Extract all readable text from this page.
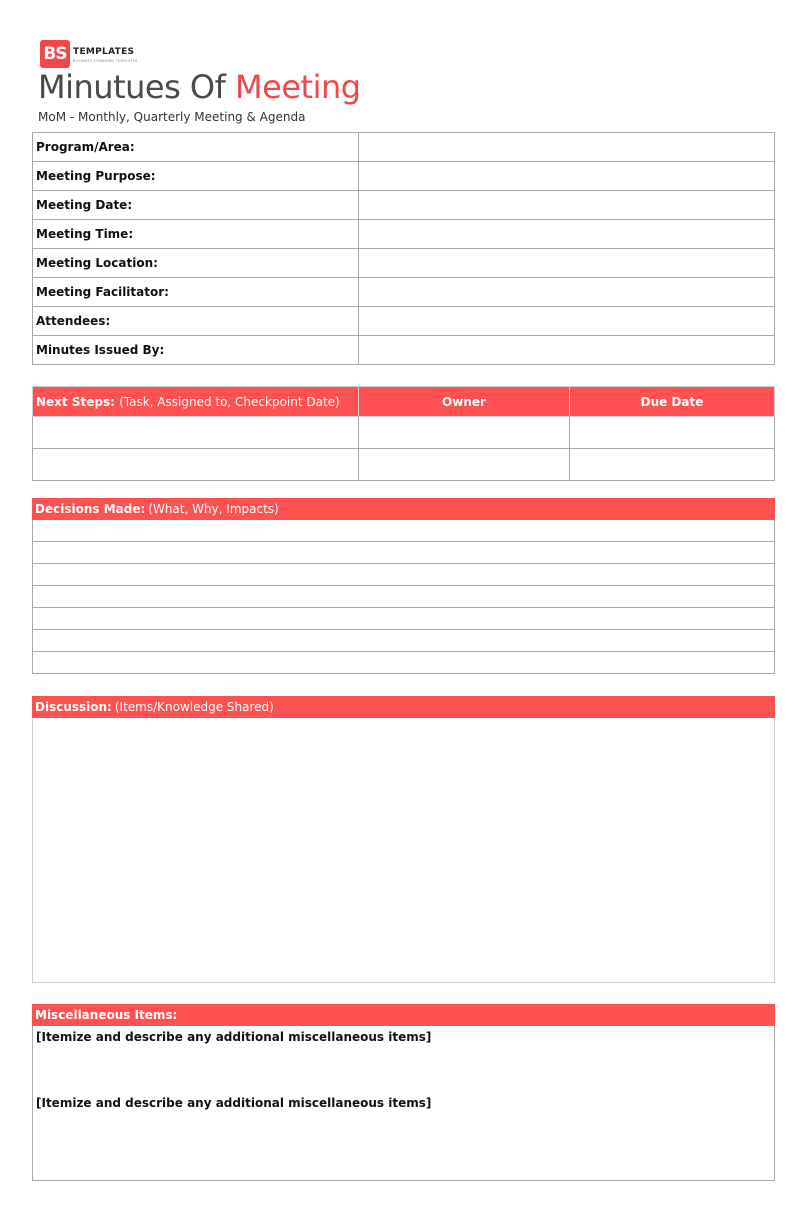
BS TEMPLATES
BUSINESS STANDARD TEMPLATES
Minutues Of Meeting
MoM - Monthly, Quarterly Meeting & Agenda
Program/Area:	
Meeting Purpose:	
Meeting Date:	
Meeting Time:	
Meeting Location:	
Meeting Facilitator:	
Attendees:	
Minutes Issued By:	
Next Steps: (Task, Assigned to, Checkpoint Date)	Owner	Due Date

Decisions Made: (What, Why, Impacts)
Discussion: (Items/Knowledge Shared)
Miscellaneous Items:
[Itemize and describe any additional miscellaneous items]
[Itemize and describe any additional miscellaneous items]
